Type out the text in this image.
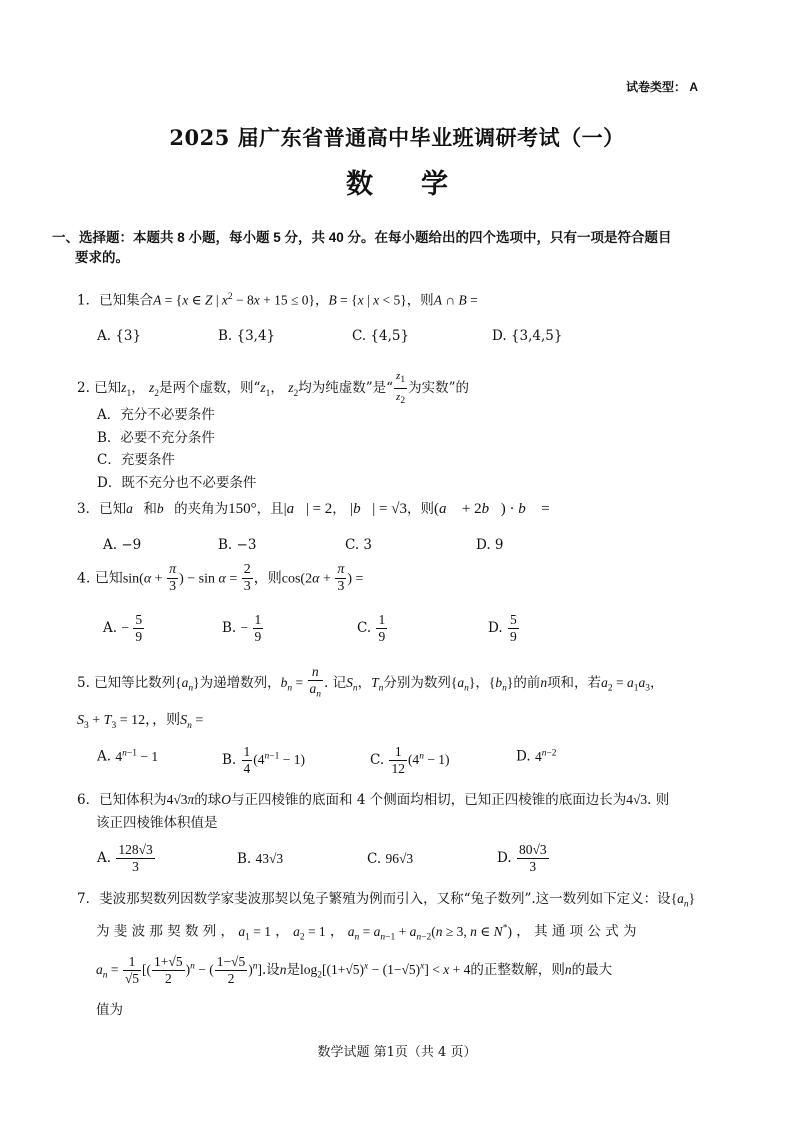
试卷类型： A
2025 届广东省普通高中毕业班调研考试（一）
数学
一、选择题：本题共 8 小题，每小题 5 分，共 40 分。在每小题给出的四个选项中，只有一项是符合题目
要求的。
1．已知集合A = {x ∈ Z | $x^2 - 8x + 15 \le 0$}，B = {x | x < 5}，则A ∩ B =
A. {3}	B. {3,4}	C. {4,5}	D. {3,4,5}
2. 已知$z_1$， $z_2$是两个虚数，则“$z_1$， $z_2$均为纯虚数”是“ $\frac{z_1}{z_2}$ 为实数”的
A．充分不必要条件
B．必要不充分条件
C．充要条件
D．既不充分也不必要条件
3．已知a⃗和b⃗的夹角为150°，且|a⃗| = 2， |b⃗| = √3，则(a⃗ + 2b⃗) · b⃗ =
A. −9	B. −3	C. 3	D. 9
4. 已知$\sin(\alpha + \frac{\pi}{3}$ ) − $\sin \alpha = \frac{2}{3}$ ，则$\cos(2\alpha + \frac{\pi}{3}$ ) =
A. − $\frac{5}{9}$	B. − $\frac{1}{9}$	C. $\frac{1}{9}$	D. $\frac{5}{9}$
5. 已知等比数列$\{a_n\}$为递增数列，$b_n = \frac{n}{a_n}$ . 记$S_n$，$T_n$分别为数列$\{a_n\}$，$\{b_n\}$的前n项和，若$a_2 = a_1a_3$，
$S_3 + T_3 = 12$，，则$S_n$ =
A. $4^{n-1} - 1$	B. $\frac{1}{4} (4^{n-1} - 1)$	C. $\frac{1}{12} (4^n - 1)$	D. $4^{n-2}$
6．已知体积为4√3π的球O与正四棱锥的底面和 4 个侧面均相切，已知正四棱锥的底面边长为4√3. 则
该正四棱锥体积值是
A. $\frac{128√3}{3}$	B. 43√3	C. 96√3	D. $\frac{80√3}{3}$
7．斐波那契数列因数学家斐波那契以兔子繁殖为例而引入，又称“兔子数列”.这一数列如下定义：设$\{a_n\}$
为 斐 波 那 契 数 列 ， $a_1 = 1$ ， $a_2 = 1$ ， $a_n = a_{n-1} + a_{n-2}(n \ge 3$, n ∈ N*) ， 其 通 项 公 式 为
$a_n = \frac{1}{√5}$ [( $\frac{1+√5}{2} )^n$ − ( $\frac{1-√5}{2} )^n$].设n是$\log_2[(1+√5)^x - (1-√5)^x] < x + 4$的正整数解，则n的最大
值为
数学试题 第1页（共 4 页）
